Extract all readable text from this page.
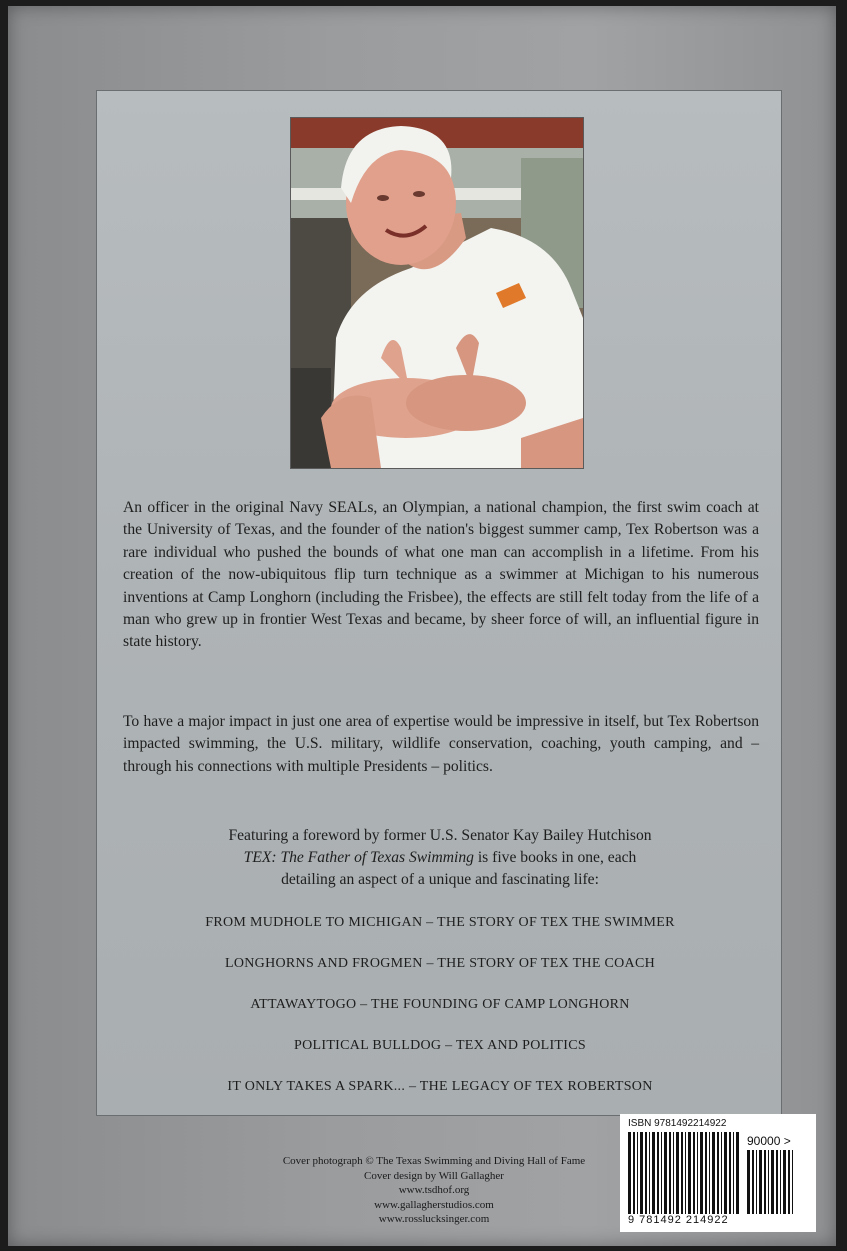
An officer in the original Navy SEALs, an Olympian, a national champion, the first swim coach at the University of Texas, and the founder of the nation's biggest summer camp, Tex Robertson was a rare individual who pushed the bounds of what one man can accomplish in a lifetime. From his creation of the now-ubiquitous flip turn technique as a swimmer at Michigan to his numerous inventions at Camp Longhorn (including the Frisbee), the effects are still felt today from the life of a man who grew up in frontier West Texas and became, by sheer force of will, an influential figure in state history.

To have a major impact in just one area of expertise would be impressive in itself, but Tex Robertson impacted swimming, the U.S. military, wildlife conservation, coaching, youth camping, and – through his connections with multiple Presidents – politics.

Featuring a foreword by former U.S. Senator Kay Bailey Hutchison
TEX: The Father of Texas Swimming is five books in one, each
detailing an aspect of a unique and fascinating life:
FROM MUDHOLE TO MICHIGAN – THE STORY OF TEX THE SWIMMER
LONGHORNS AND FROGMEN – THE STORY OF TEX THE COACH
ATTAWAYTOGO – THE FOUNDING OF CAMP LONGHORN
POLITICAL BULLDOG – TEX AND POLITICS
IT ONLY TAKES A SPARK... – THE LEGACY OF TEX ROBERTSON
Cover photograph © The Texas Swimming and Diving Hall of Fame
Cover design by Will Gallagher
www.tsdhof.org
www.gallagherstudios.com
www.rosslucksinger.com
ISBN 9781492214922
90000 >
9 781492 214922
